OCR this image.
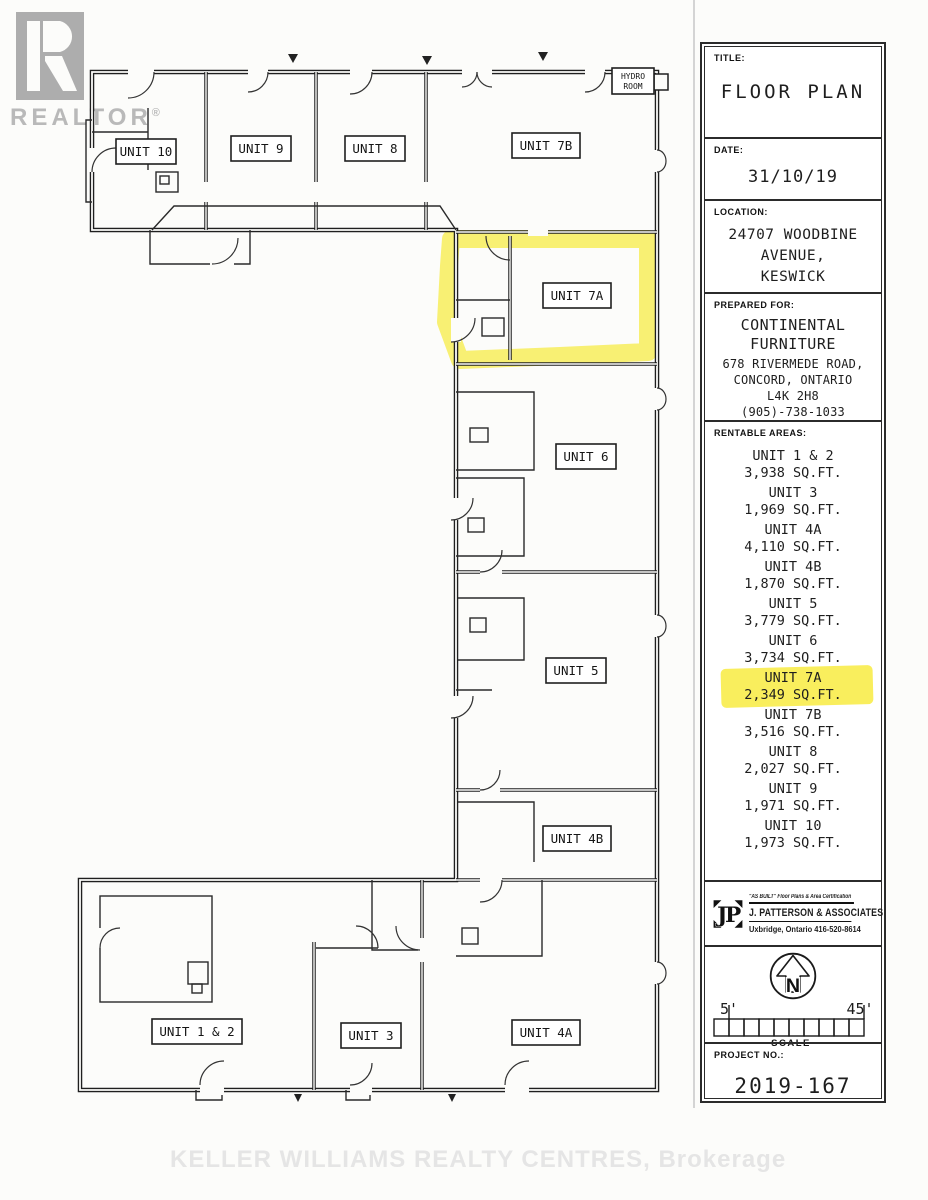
REALTOR®
HYDRO
ROOM
UNIT 10	UNIT 9	UNIT 8	UNIT 7B
UNIT 7A
UNIT 6
UNIT 5
UNIT 4B
UNIT 1 & 2	UNIT 3	UNIT 4A
TITLE:
FLOOR PLAN
DATE:
31/10/19
LOCATION:
24707 WOODBINE
AVENUE,
KESWICK
PREPARED FOR:
CONTINENTAL
FURNITURE
678 RIVERMEDE ROAD,
CONCORD, ONTARIO
L4K 2H8
(905)-738-1033
RENTABLE AREAS:
UNIT 1 & 2
3,938 SQ.FT.
UNIT 3
1,969 SQ.FT.
UNIT 4A
4,110 SQ.FT.
UNIT 4B
1,870 SQ.FT.
UNIT 5
3,779 SQ.FT.
UNIT 6
3,734 SQ.FT.
UNIT 7A
2,349 SQ.FT.
UNIT 7B
3,516 SQ.FT.
UNIT 8
2,027 SQ.FT.
UNIT 9
1,971 SQ.FT.
UNIT 10
1,973 SQ.FT.
JP
"AS BUILT" Floor Plans & Area Certification
J. PATTERSON & ASSOCIATES
Uxbridge, Ontario 416-520-8614
N
5'	45'
SCALE
PROJECT NO.:
2019-167
KELLER WILLIAMS REALTY CENTRES, Brokerage
